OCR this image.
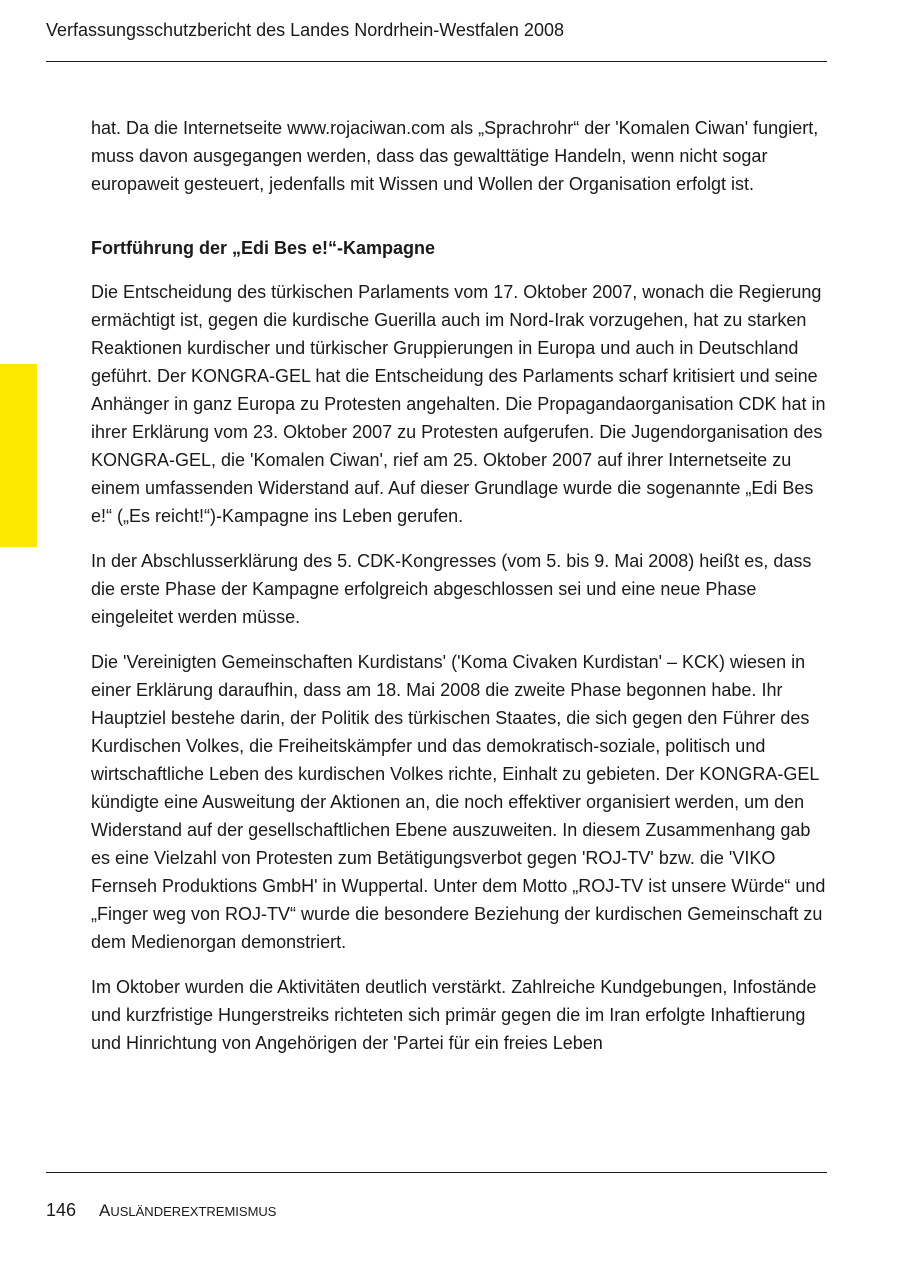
Verfassungsschutzbericht des Landes Nordrhein-Westfalen 2008

hat. Da die Internetseite www.rojaciwan.com als „Sprachrohr“ der 'Komalen Ciwan' fungiert, muss davon ausgegangen werden, dass das gewalttätige Handeln, wenn nicht sogar europaweit gesteuert, jedenfalls mit Wissen und Wollen der Organisation erfolgt ist.

Fortführung der „Edi Bes e!“-Kampagne

Die Entscheidung des türkischen Parlaments vom 17. Oktober 2007, wonach die Regierung ermächtigt ist, gegen die kurdische Guerilla auch im Nord-Irak vorzugehen, hat zu starken Reaktionen kurdischer und türkischer Gruppierungen in Europa und auch in Deutschland geführt. Der KONGRA-GEL hat die Entscheidung des Parlaments scharf kritisiert und seine Anhänger in ganz Europa zu Protesten angehalten. Die Propagandaorganisation CDK hat in ihrer Erklärung vom 23. Oktober 2007 zu Protesten aufgerufen. Die Jugendorganisation des KONGRA-GEL, die 'Komalen Ciwan', rief am 25. Oktober 2007 auf ihrer Internetseite zu einem umfassenden Widerstand auf. Auf dieser Grundlage wurde die sogenannte „Edi Bes e!“ („Es reicht!“)-Kampagne ins Leben gerufen.

In der Abschlusserklärung des 5. CDK-Kongresses (vom 5. bis 9. Mai 2008) heißt es, dass die erste Phase der Kampagne erfolgreich abgeschlossen sei und eine neue Phase eingeleitet werden müsse.

Die 'Vereinigten Gemeinschaften Kurdistans' ('Koma Civaken Kurdistan' – KCK) wiesen in einer Erklärung daraufhin, dass am 18. Mai 2008 die zweite Phase begonnen habe. Ihr Hauptziel bestehe darin, der Politik des türkischen Staates, die sich gegen den Führer des Kurdischen Volkes, die Freiheitskämpfer und das demokratisch-soziale, politisch und wirtschaftliche Leben des kurdischen Volkes richte, Einhalt zu gebieten. Der KONGRA-GEL kündigte eine Ausweitung der Aktionen an, die noch effektiver organisiert werden, um den Widerstand auf der gesellschaftlichen Ebene auszuweiten. In diesem Zusammenhang gab es eine Vielzahl von Protesten zum Betätigungsverbot gegen 'ROJ-TV' bzw. die 'VIKO Fernseh Produktions GmbH' in Wuppertal. Unter dem Motto „ROJ-TV ist unsere Würde“ und „Finger weg von ROJ-TV“ wurde die besondere Beziehung der kurdischen Gemeinschaft zu dem Medienorgan demonstriert.

Im Oktober wurden die Aktivitäten deutlich verstärkt. Zahlreiche Kundgebungen, Infostände und kurzfristige Hungerstreiks richteten sich primär gegen die im Iran erfolgte Inhaftierung und Hinrichtung von Angehörigen der 'Partei für ein freies Leben

146 AUSLÄNDEREXTREMISMUS
